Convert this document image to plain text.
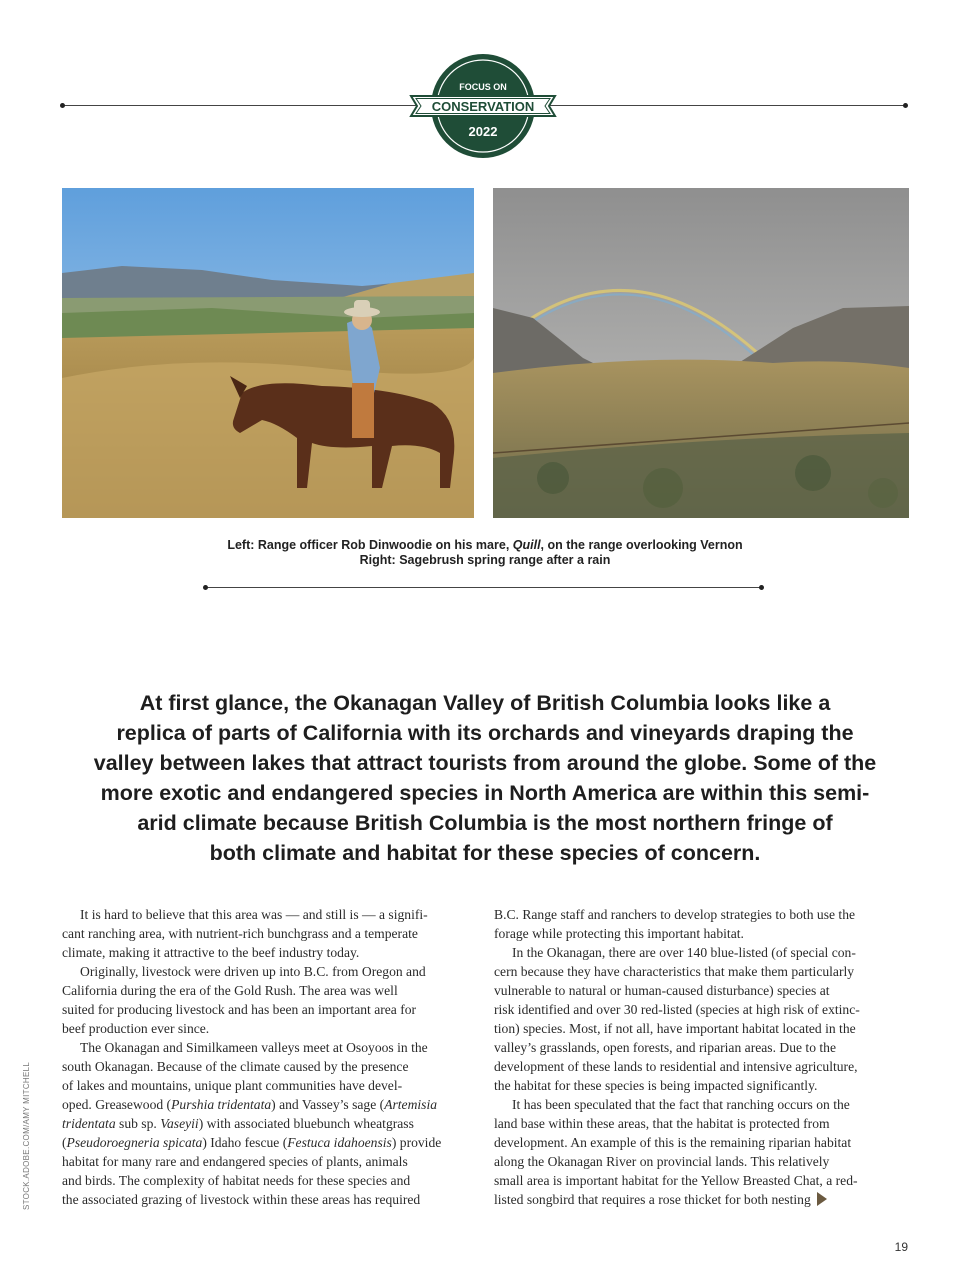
FOCUS ON
CONSERVATION
2022
Left: Range officer Rob Dinwoodie on his mare, Quill, on the range overlooking Vernon
Right: Sagebrush spring range after a rain
At first glance, the Okanagan Valley of British Columbia looks like a
replica of parts of California with its orchards and vineyards draping the
valley between lakes that attract tourists from around the globe. Some of the
more exotic and endangered species in North America are within this semi-
arid climate because British Columbia is the most northern fringe of
both climate and habitat for these species of concern.
It is hard to believe that this area was — and still is — a signifi-
cant ranching area, with nutrient-rich bunchgrass and a temperate
climate, making it attractive to the beef industry today.
Originally, livestock were driven up into B.C. from Oregon and
California during the era of the Gold Rush. The area was well
suited for producing livestock and has been an important area for
beef production ever since.
The Okanagan and Similkameen valleys meet at Osoyoos in the
south Okanagan. Because of the climate caused by the presence
of lakes and mountains, unique plant communities have devel-
oped. Greasewood (Purshia tridentata) and Vassey’s sage (Artemisia
tridentata sub sp. Vaseyii) with associated bluebunch wheatgrass
(Pseudoroegneria spicata) Idaho fescue (Festuca idahoensis) provide
habitat for many rare and endangered species of plants, animals
and birds. The complexity of habitat needs for these species and
the associated grazing of livestock within these areas has required
B.C. Range staff and ranchers to develop strategies to both use the
forage while protecting this important habitat.
In the Okanagan, there are over 140 blue-listed (of special con-
cern because they have characteristics that make them particularly
vulnerable to natural or human-caused disturbance) species at
risk identified and over 30 red-listed (species at high risk of extinc-
tion) species. Most, if not all, have important habitat located in the
valley’s grasslands, open forests, and riparian areas. Due to the
development of these lands to residential and intensive agriculture,
the habitat for these species is being impacted significantly.
It has been speculated that the fact that ranching occurs on the
land base within these areas, that the habitat is protected from
development. An example of this is the remaining riparian habitat
along the Okanagan River on provincial lands. This relatively
small area is important habitat for the Yellow Breasted Chat, a red-
listed songbird that requires a rose thicket for both nesting
STOCK.ADOBE.COM/AMY MITCHELL
19
